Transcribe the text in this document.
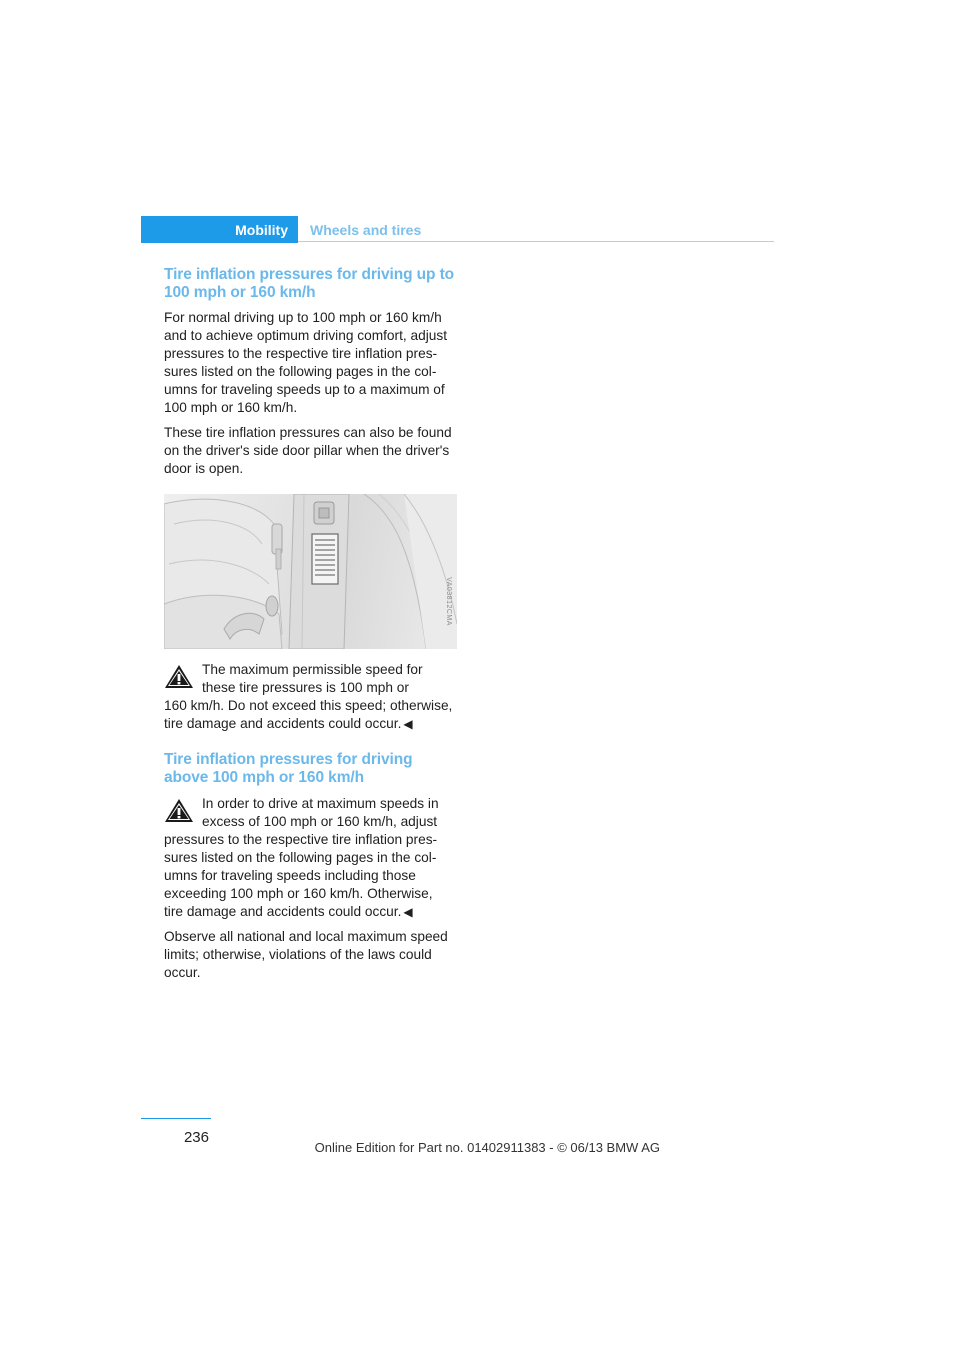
Mobility	Wheels and tires
Tire inflation pressures for driving up to
100 mph or 160 km/h

For normal driving up to 100 mph or 160 km/h
and to achieve optimum driving comfort, adjust
pressures to the respective tire inflation pres-
sures listed on the following pages in the col-
umns for traveling speeds up to a maximum of
100 mph or 160 km/h.

These tire inflation pressures can also be found
on the driver's side door pillar when the driver's
door is open.

VA03812CMA

The maximum permissible speed for
these tire pressures is 100 mph or
160 km/h. Do not exceed this speed; otherwise,
tire damage and accidents could occur. ◀

Tire inflation pressures for driving
above 100 mph or 160 km/h

In order to drive at maximum speeds in
excess of 100 mph or 160 km/h, adjust
pressures to the respective tire inflation pres-
sures listed on the following pages in the col-
umns for traveling speeds including those
exceeding 100 mph or 160 km/h. Otherwise,
tire damage and accidents could occur. ◀

Observe all national and local maximum speed
limits; otherwise, violations of the laws could
occur.

236
Online Edition for Part no. 01402911383 - © 06/13 BMW AG
